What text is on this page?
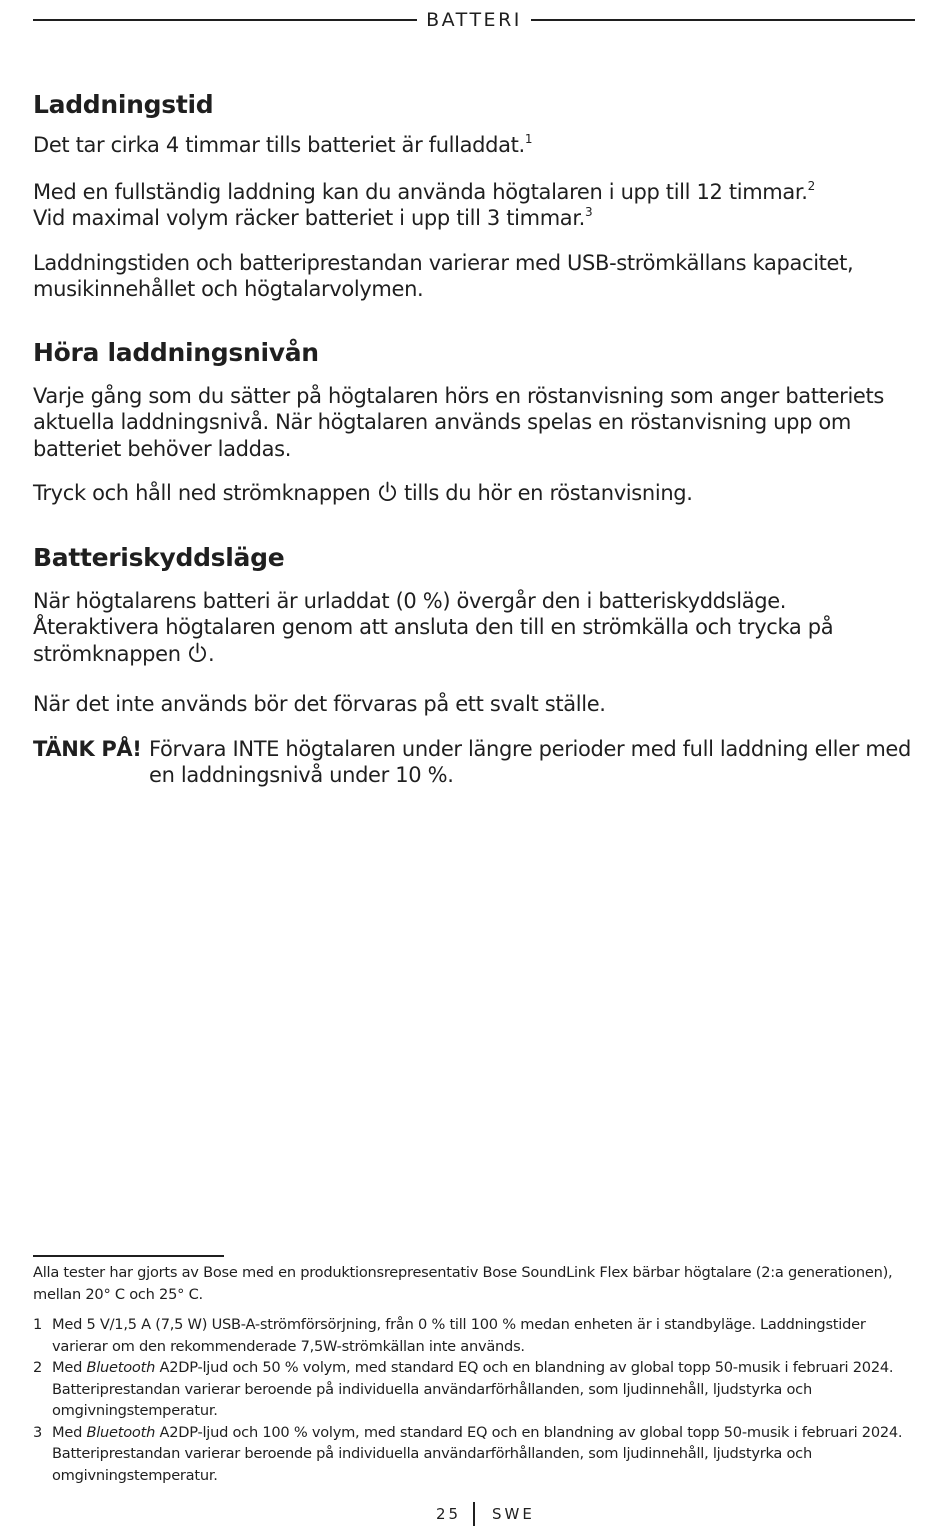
BATTERI
Laddningstid

Det tar cirka 4 timmar tills batteriet är fulladdat.$^1$

Med en fullständig laddning kan du använda högtalaren i upp till 12 timmar.$^2$
Vid maximal volym räcker batteriet i upp till 3 timmar.$^3$

Laddningstiden och batteriprestandan varierar med USB-strömkällans kapacitet, musikinnehållet och högtalarvolymen.

Höra laddningsnivån

Varje gång som du sätter på högtalaren hörs en röstanvisning som anger batteriets aktuella laddningsnivå. När högtalaren används spelas en röstanvisning upp om batteriet behöver laddas.

Tryck och håll ned strömknappen
tills du hör en röstanvisning.

Batteriskyddsläge

När högtalarens batteri är urladdat (0 %) övergår den i batteriskyddsläge. Återaktivera högtalaren genom att ansluta den till en strömkälla och trycka på strömknappen
.

När det inte används bör det förvaras på ett svalt ställe.

TÄNK PÅ! Förvara INTE högtalaren under längre perioder med full laddning eller med en laddningsnivå under 10 %.

Alla tester har gjorts av Bose med en produktionsrepresentativ Bose SoundLink Flex bärbar högtalare (2:a generationen), mellan 20° C och 25° C.

1 Med 5 V/1,5 A (7,5 W) USB-A-strömförsörjning, från 0 % till 100 % medan enheten är i standbyläge. Laddningstider varierar om den rekommenderade 7,5W-strömkällan inte används.
2 Med Bluetooth A2DP-ljud och 50 % volym, med standard EQ och en blandning av global topp 50-musik i februari 2024. Batteriprestandan varierar beroende på individuella användarförhållanden, som ljudinnehåll, ljudstyrka och omgivningstemperatur.
3 Med Bluetooth A2DP-ljud och 100 % volym, med standard EQ och en blandning av global topp 50-musik i februari 2024. Batteriprestandan varierar beroende på individuella användarförhållanden, som ljudinnehåll, ljudstyrka och omgivningstemperatur.
25 SWE
